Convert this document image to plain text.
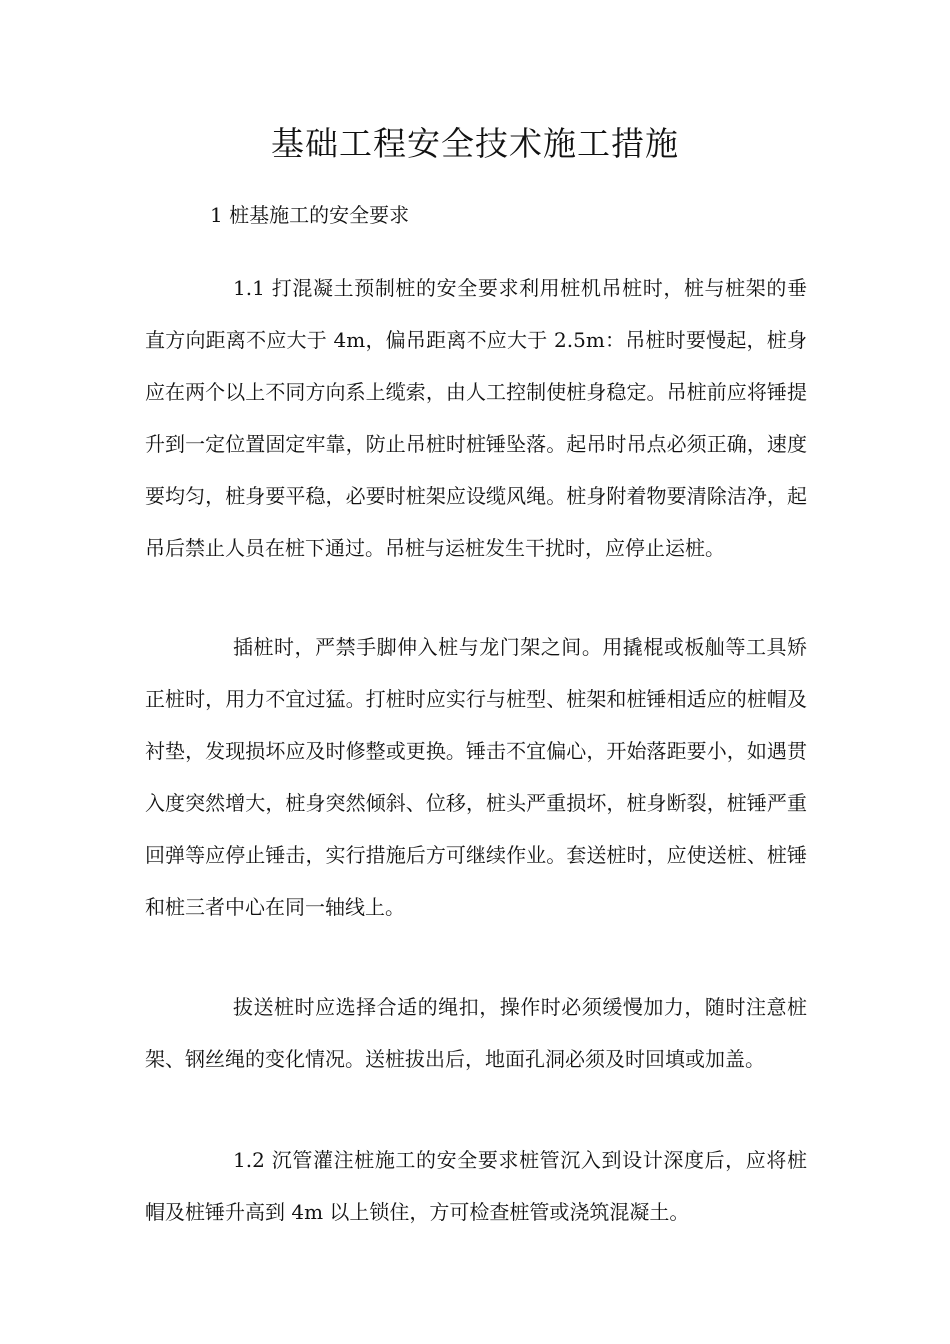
基础工程安全技术施工措施
1 桩基施工的安全要求

1.1 打混凝土预制桩的安全要求利用桩机吊桩时，桩与桩架的垂直方向距离不应大于 4m，偏吊距离不应大于 2.5m：吊桩时要慢起，桩身应在两个以上不同方向系上缆索，由人工控制使桩身稳定。吊桩前应将锤提升到一定位置固定牢靠，防止吊桩时桩锤坠落。起吊时吊点必须正确，速度要均匀，桩身要平稳，必要时桩架应设缆风绳。桩身附着物要清除洁净，起吊后禁止人员在桩下通过。吊桩与运桩发生干扰时，应停止运桩。

插桩时，严禁手脚伸入桩与龙门架之间。用撬棍或板舢等工具矫正桩时，用力不宜过猛。打桩时应实行与桩型、桩架和桩锤相适应的桩帽及衬垫，发现损坏应及时修整或更换。锤击不宜偏心，开始落距要小，如遇贯入度突然增大，桩身突然倾斜、位移，桩头严重损坏，桩身断裂，桩锤严重回弹等应停止锤击，实行措施后方可继续作业。套送桩时，应使送桩、桩锤和桩三者中心在同一轴线上。

拔送桩时应选择合适的绳扣，操作时必须缓慢加力，随时注意桩架、钢丝绳的变化情况。送桩拔出后，地面孔洞必须及时回填或加盖。

1.2 沉管灌注桩施工的安全要求桩管沉入到设计深度后，应将桩帽及桩锤升高到 4m 以上锁住，方可检查桩管或浇筑混凝土。
